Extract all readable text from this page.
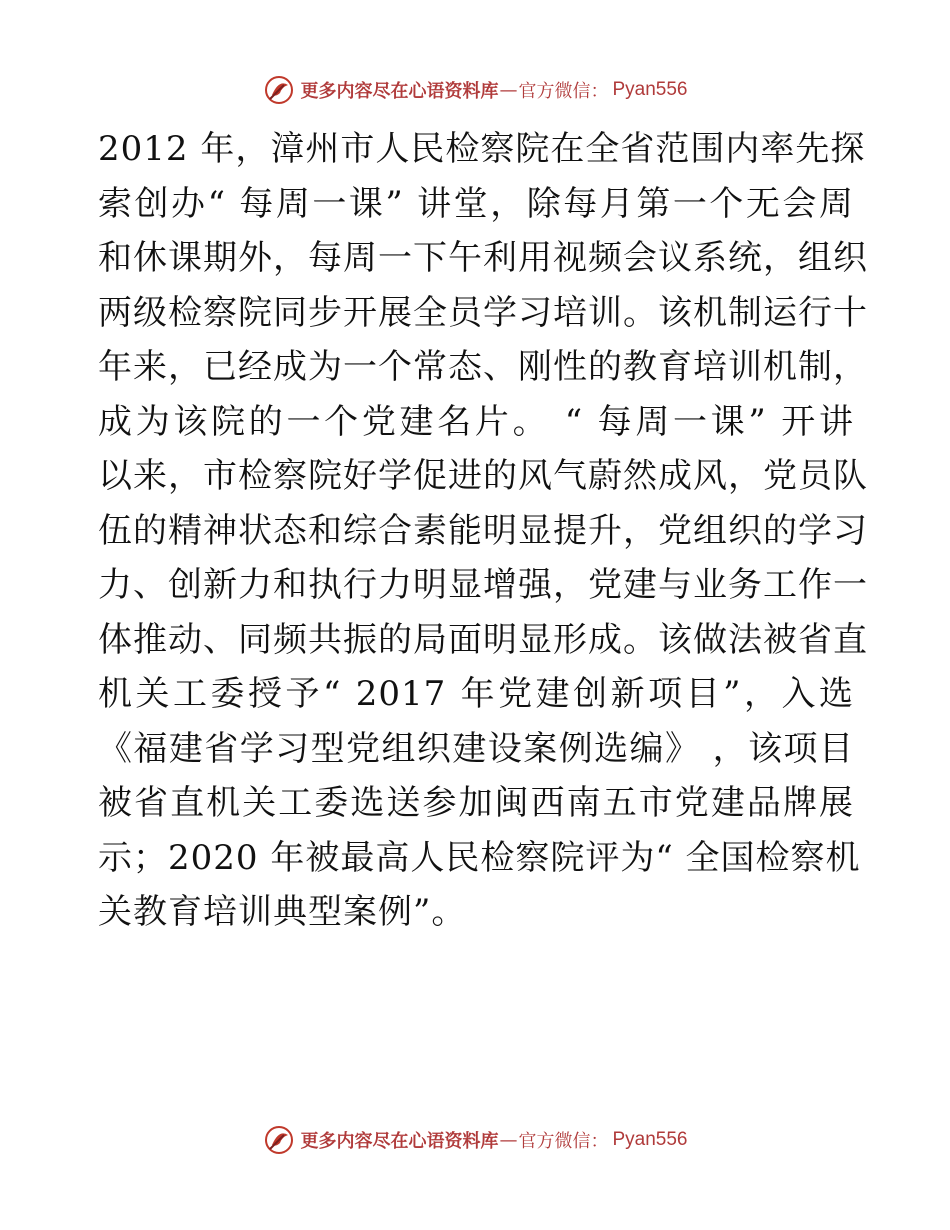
更多内容尽在心语资料库 — 官方微信： Pyan556
2012 年，漳州市人民检察院在全省范围内率先探
索创办“ 每周一课” 讲堂，除每月第一个无会周
和休课期外，每周一下午利用视频会议系统，组织
两级检察院同步开展全员学习培训。该机制运行十
年来，已经成为一个常态、刚性的教育培训机制，
成为该院的一个党建名片。 “ 每周一课” 开讲
以来，市检察院好学促进的风气蔚然成风，党员队
伍的精神状态和综合素能明显提升，党组织的学习
力、创新力和执行力明显增强，党建与业务工作一
体推动、同频共振的局面明显形成。该做法被省直
机关工委授予“ 2017 年党建创新项目”，入选
《福建省学习型党组织建设案例选编》 ，该项目
被省直机关工委选送参加闽西南五市党建品牌展
示；2020 年被最高人民检察院评为“ 全国检察机
关教育培训典型案例”。
更多内容尽在心语资料库 — 官方微信： Pyan556
